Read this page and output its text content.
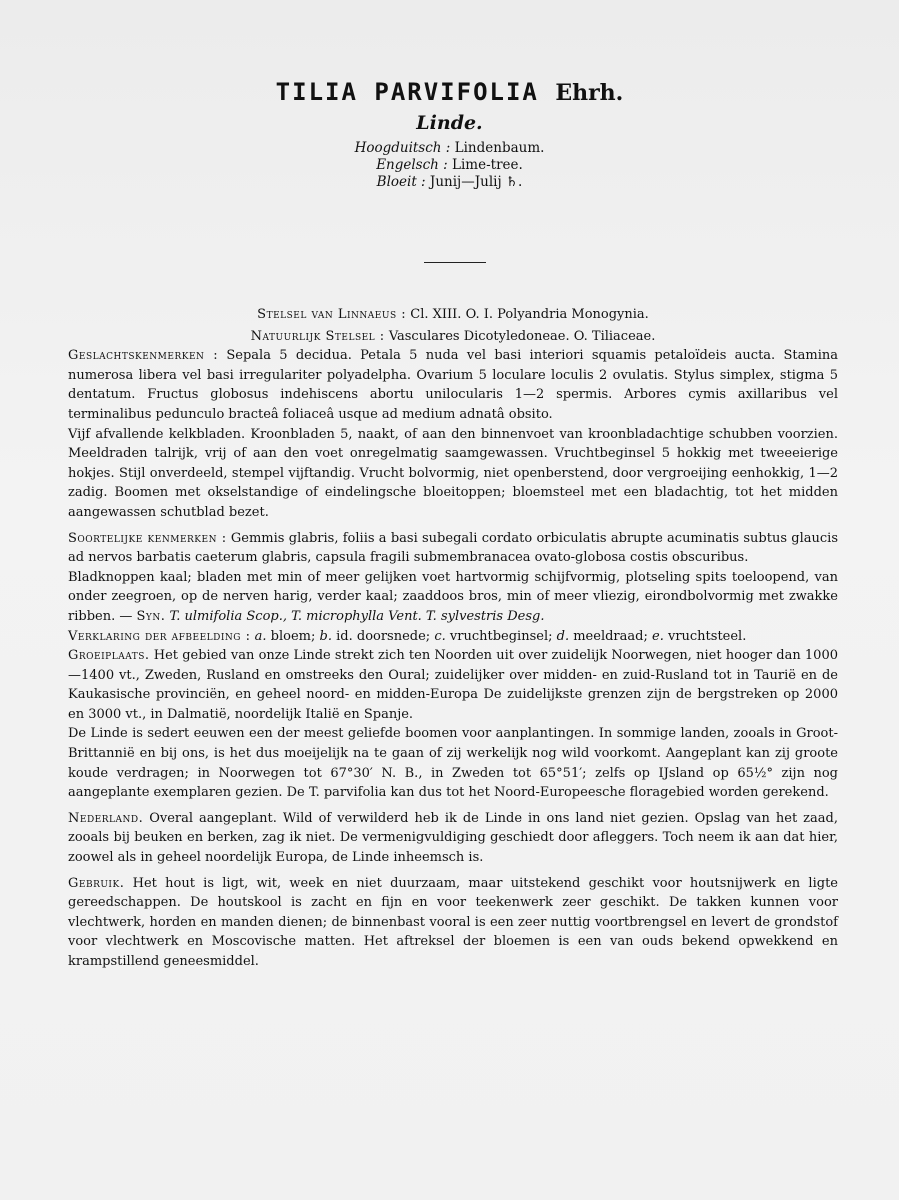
TILIA PARVIFOLIA Ehrh.
Linde.
Hoogduitsch : Lindenbaum.
Engelsch : Lime-tree.
Bloeit : Junij—Julij ♄.

Stelsel van Linnaeus : Cl. XIII. O. I. Polyandria Monogynia.

Natuurlijk Stelsel : Vasculares Dicotyledoneae. O. Tiliaceae.

Geslachtskenmerken : Sepala 5 decidua. Petala 5 nuda vel basi interiori squamis petaloïdeis aucta. Stamina numerosa libera vel basi irregulariter polyadelpha. Ovarium 5 loculare loculis 2 ovulatis. Stylus simplex, stigma 5 dentatum. Fructus globosus indehiscens abortu unilocularis 1—2 spermis. Arbores cymis axillaribus vel terminalibus pedunculo bracteâ foliaceâ usque ad medium adnatâ obsito.

Vijf afvallende kelkbladen. Kroonbladen 5, naakt, of aan den binnenvoet van kroonbladachtige schubben voorzien. Meeldraden talrijk, vrij of aan den voet onregelmatig saamgewassen. Vruchtbeginsel 5 hokkig met tweeeierige hokjes. Stijl onverdeeld, stempel vijftandig. Vrucht bolvormig, niet openberstend, door vergroeijing eenhokkig, 1—2 zadig. Boomen met okselstandige of eindelingsche bloeitoppen; bloemsteel met een bladachtig, tot het midden aangewassen schutblad bezet.

Soortelijke kenmerken : Gemmis glabris, foliis a basi subegali cordato orbiculatis abrupte acuminatis subtus glaucis ad nervos barbatis caeterum glabris, capsula fragili submembranacea ovato-globosa costis obscuribus.

Bladknoppen kaal; bladen met min of meer gelijken voet hartvormig schijfvormig, plotseling spits toeloopend, van onder zeegroen, op de nerven harig, verder kaal; zaaddoos bros, min of meer vliezig, eirondbolvormig met zwakke ribben. — Syn. T. ulmifolia Scop., T. microphylla Vent. T. sylvestris Desg.

Verklaring der afbeelding : a. bloem; b. id. doorsnede; c. vruchtbeginsel; d. meeldraad; e. vruchtsteel.

Groeiplaats. Het gebied van onze Linde strekt zich ten Noorden uit over zuidelijk Noorwegen, niet hooger dan 1000—1400 vt., Zweden, Rusland en omstreeks den Oural; zuidelijker over midden- en zuid-Rusland tot in Taurië en de Kaukasische provinciën, en geheel noord- en midden-Europa De zuidelijkste grenzen zijn de bergstreken op 2000 en 3000 vt., in Dalmatië, noordelijk Italië en Spanje.

De Linde is sedert eeuwen een der meest geliefde boomen voor aanplantingen. In sommige landen, zooals in Groot-Brittannië en bij ons, is het dus moeijelijk na te gaan of zij werkelijk nog wild voorkomt. Aangeplant kan zij groote koude verdragen; in Noorwegen tot 67°30′ N. B., in Zweden tot 65°51′; zelfs op IJsland op 65½° zijn nog aangeplante exemplaren gezien. De T. parvifolia kan dus tot het Noord-Europeesche floragebied worden gerekend.

Nederland. Overal aangeplant. Wild of verwilderd heb ik de Linde in ons land niet gezien. Opslag van het zaad, zooals bij beuken en berken, zag ik niet. De vermenigvuldiging geschiedt door afleggers. Toch neem ik aan dat hier, zoowel als in geheel noordelijk Europa, de Linde inheemsch is.

Gebruik. Het hout is ligt, wit, week en niet duurzaam, maar uitstekend geschikt voor houtsnijwerk en ligte gereedschappen. De houtskool is zacht en fijn en voor teekenwerk zeer geschikt. De takken kunnen voor vlechtwerk, horden en manden dienen; de binnenbast vooral is een zeer nuttig voortbrengsel en levert de grondstof voor vlechtwerk en Moscovische matten. Het aftreksel der bloemen is een van ouds bekend opwekkend en krampstillend geneesmiddel.
